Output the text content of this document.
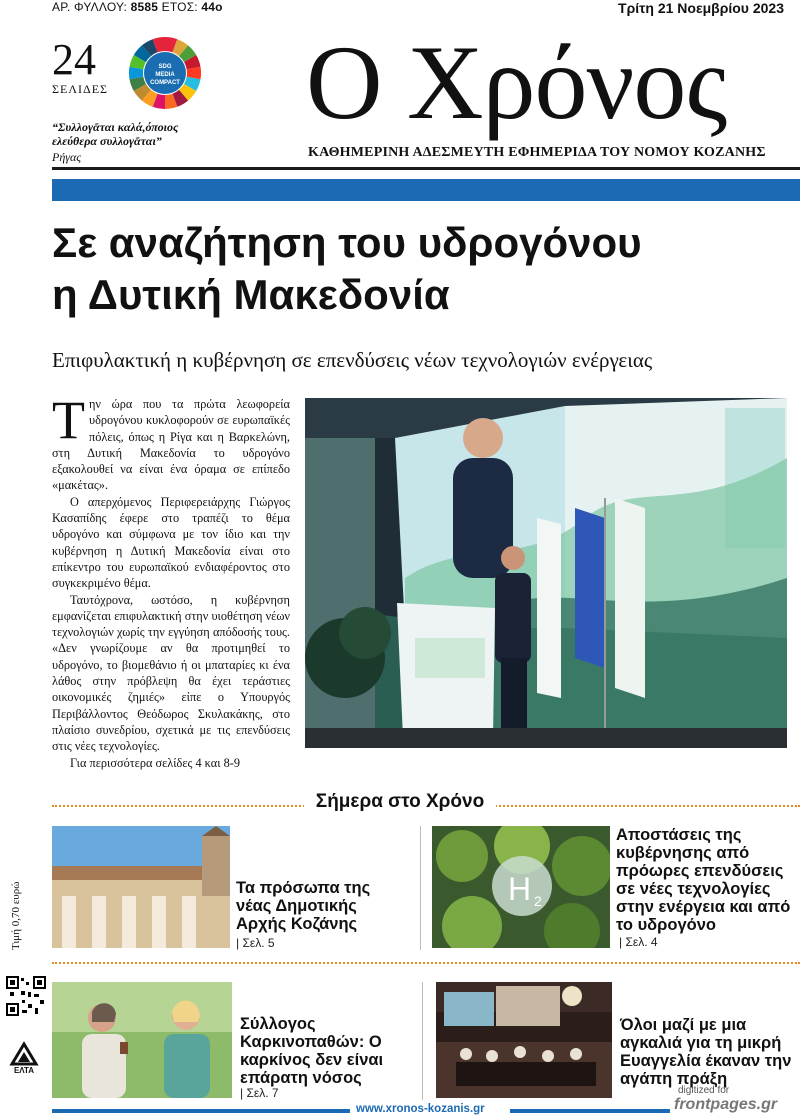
ΑΡ. ΦΥΛΛΟΥ: 8585 ΕΤΟΣ: 44ο	Τρίτη 21 Νοεμβρίου 2023
24
ΣΕΛΙΔΕΣ
SDG
MEDIA
COMPACT
“Συλλογᾶται καλά,όποιος ελεύθερα συλλογᾶται”
Ρήγας
Ο Χρόνος
ΚΑΘΗΜΕΡΙΝΗ ΑΔΕΣΜΕΥΤΗ ΕΦΗΜΕΡΙΔΑ ΤΟΥ ΝΟΜΟΥ ΚΟΖΑΝΗΣ
Σε αναζήτηση του υδρογόνου
η Δυτική Μακεδονία
Επιφυλακτική η κυβέρνηση σε επενδύσεις νέων τεχνολογιών ενέργειας

Την ώρα που τα πρώτα λεωφορεία υδρογόνου κυκλοφορούν σε ευρωπαϊκές πόλεις, όπως η Ρίγα και η Βαρκελώνη, στη Δυτική Μακεδονία το υδρογόνο εξακολουθεί να είναι ένα όραμα σε επίπεδο «μακέτας».

Ο απερχόμενος Περιφερειάρχης Γιώργος Κασαπίδης έφερε στο τραπέζι το θέμα υδρογόνο και σύμφωνα με τον ίδιο και την κυβέρνηση η Δυτική Μακεδονία είναι στο επίκεντρο του ευρωπαϊκού ενδιαφέροντος στο συγκεκριμένο θέμα.

Ταυτόχρονα, ωστόσο, η κυβέρνηση εμφανίζεται επιφυλακτική στην υιοθέτηση νέων τεχνολογιών χωρίς την εγγύηση απόδοσής τους. «Δεν γνωρίζουμε αν θα προτιμηθεί το υδρογόνο, το βιομεθάνιο ή οι μπαταρίες κι ένα λάθος στην πρόβλεψη θα έχει τεράστιες οικονομικές ζημιές» είπε ο Υπουργός Περιβάλλοντος Θεόδωρος Σκυλακάκης, στο πλαίσιο συνεδρίου, σχετικά με τις επενδύσεις στις νέες τεχνολογίες.

Για περισσότερα σελίδες 4 και 8-9

Σήμερα στο Χρόνο
Τα πρόσωπα της νέας Δημοτικής Αρχής Κοζάνης
| Σελ. 5
H 2
Αποστάσεις της κυβέρνησης από πρόωρες επενδύσεις σε νέες τεχνολογίες στην ενέργεια και από το υδρογόνο
| Σελ. 4
Σύλλογος Καρκινοπαθών: Ο καρκίνος δεν είναι επάρατη νόσος
| Σελ. 7
Όλοι μαζί με μια αγκαλιά για τη μικρή Ευαγγελία έκαναν την αγάπη πράξη
Τιμή 0,70 ευρώ
ΕΛΤΑ
www.xronos-kozanis.gr
digitized for
frontpages.gr
